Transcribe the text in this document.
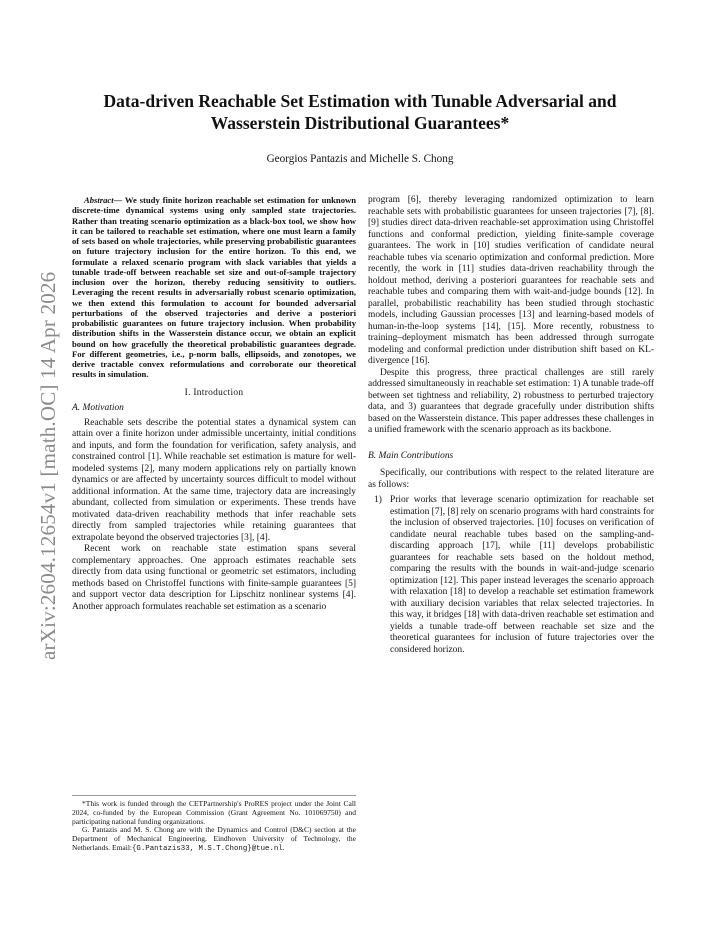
arXiv:2604.12654v1 [math.OC] 14 Apr 2026
Data-driven Reachable Set Estimation with Tunable Adversarial and Wasserstein Distributional Guarantees*
Georgios Pantazis and Michelle S. Chong

Abstract— We study finite horizon reachable set estimation for unknown discrete-time dynamical systems using only sampled state trajectories. Rather than treating scenario optimization as a black-box tool, we show how it can be tailored to reachable set estimation, where one must learn a family of sets based on whole trajectories, while preserving probabilistic guarantees on future trajectory inclusion for the entire horizon. To this end, we formulate a relaxed scenario program with slack variables that yields a tunable trade-off between reachable set size and out-of-sample trajectory inclusion over the horizon, thereby reducing sensitivity to outliers. Leveraging the recent results in adversarially robust scenario optimization, we then extend this formulation to account for bounded adversarial perturbations of the observed trajectories and derive a posteriori probabilistic guarantees on future trajectory inclusion. When probability distribution shifts in the Wasserstein distance occur, we obtain an explicit bound on how gracefully the theoretical probabilistic guarantees degrade. For different geometries, i.e., p-norm balls, ellipsoids, and zonotopes, we derive tractable convex reformulations and corroborate our theoretical results in simulation.

I. Introduction
A. Motivation

Reachable sets describe the potential states a dynamical system can attain over a finite horizon under admissible uncertainty, initial conditions and inputs, and form the foundation for verification, safety analysis, and constrained control [1]. While reachable set estimation is mature for well-modeled systems [2], many modern applications rely on partially known dynamics or are affected by uncertainty sources difficult to model without additional information. At the same time, trajectory data are increasingly abundant, collected from simulation or experiments. These trends have motivated data-driven reachability methods that infer reachable sets directly from sampled trajectories while retaining guarantees that extrapolate beyond the observed trajectories [3], [4].

Recent work on reachable state estimation spans several complementary approaches. One approach estimates reachable sets directly from data using functional or geometric set estimators, including methods based on Christoffel functions with finite-sample guarantees [5] and support vector data description for Lipschitz nonlinear systems [4]. Another approach formulates reachable set estimation as a scenario

*This work is funded through the CETPartnership's ProRES project under the Joint Call 2024, co-funded by the European Commission (Grant Agreement No. 101069750) and participating national funding organizations.

G. Pantazis and M. S. Chong are with the Dynamics and Control (D&C) section at the Department of Mechanical Engineering, Eindhoven University of Technology, the Netherlands. Email:{G.Pantazis33, M.S.T.Chong}@tue.nl.

program [6], thereby leveraging randomized optimization to learn reachable sets with probabilistic guarantees for unseen trajectories [7], [8]. [9] studies direct data-driven reachable-set approximation using Christoffel functions and conformal prediction, yielding finite-sample coverage guarantees. The work in [10] studies verification of candidate neural reachable tubes via scenario optimization and conformal prediction. More recently, the work in [11] studies data-driven reachability through the holdout method, deriving a posteriori guarantees for reachable sets and reachable tubes and comparing them with wait-and-judge bounds [12]. In parallel, probabilistic reachability has been studied through stochastic models, including Gaussian processes [13] and learning-based models of human-in-the-loop systems [14], [15]. More recently, robustness to training–deployment mismatch has been addressed through surrogate modeling and conformal prediction under distribution shift based on KL-divergence [16].

Despite this progress, three practical challenges are still rarely addressed simultaneously in reachable set estimation: 1) A tunable trade-off between set tightness and reliability, 2) robustness to perturbed trajectory data, and 3) guarantees that degrade gracefully under distribution shifts based on the Wasserstein distance. This paper addresses these challenges in a unified framework with the scenario approach as its backbone.

B. Main Contributions

Specifically, our contributions with respect to the related literature are as follows:

1) Prior works that leverage scenario optimization for reachable set estimation [7], [8] rely on scenario programs with hard constraints for the inclusion of observed trajectories. [10] focuses on verification of candidate neural reachable tubes based on the sampling-and-discarding approach [17], while [11] develops probabilistic guarantees for reachable sets based on the holdout method, comparing the results with the bounds in wait-and-judge scenario optimization [12]. This paper instead leverages the scenario approach with relaxation [18] to develop a reachable set estimation framework with auxiliary decision variables that relax selected trajectories. In this way, it bridges [18] with data-driven reachable set estimation and yields a tunable trade-off between reachable set size and the theoretical guarantees for inclusion of future trajectories over the considered horizon.
